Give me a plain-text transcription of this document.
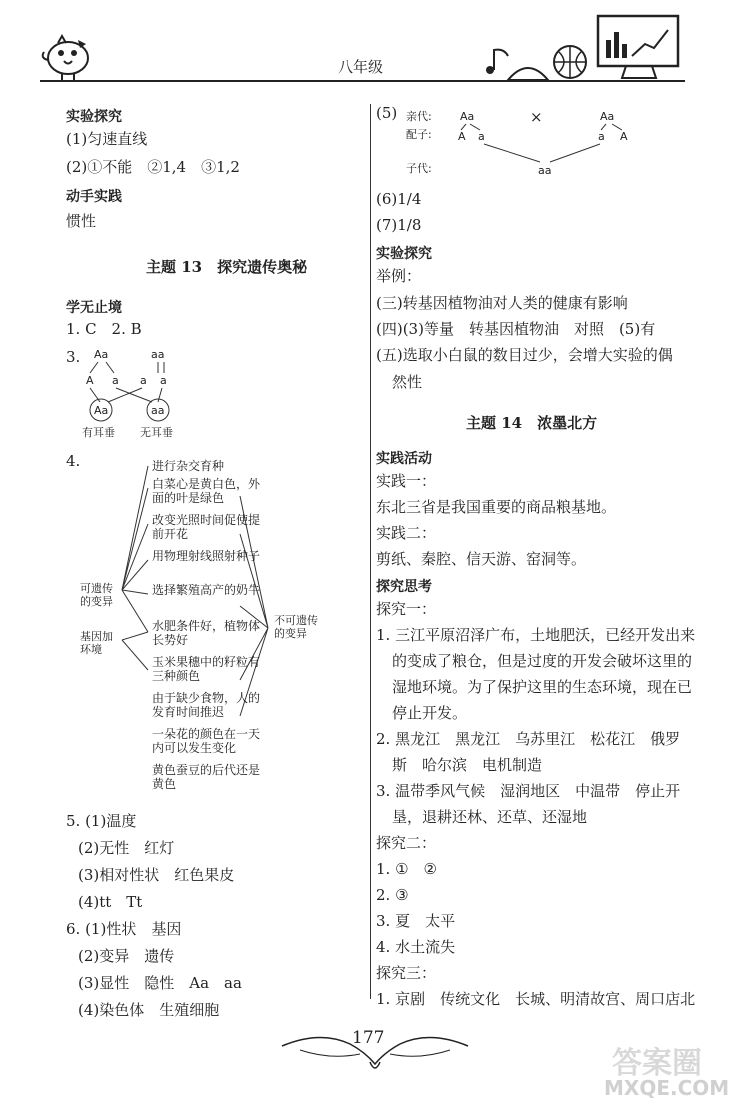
八年级
实验探究
(1)匀速直线
(2)①不能　②1,4　③1,2
动手实践
惯性
主题 13　探究遗传奥秘
学无止境
1. C　2. B
3. Aa	aa
A a a a
Aa	aa
有耳垂 无耳垂
4.
可遗传
的变异
基因加
环境
不可遗传
的变异
进行杂交育种
白菜心是黄白色，外面的叶是绿色
改变光照时间促使提前开花
用物理射线照射种子
选择繁殖高产的奶牛
水肥条件好，植物体长势好
玉米果穗中的籽粒有三种颜色
由于缺少食物，人的发育时间推迟
一朵花的颜色在一天内可以发生变化
黄色蚕豆的后代还是黄色
5. (1)温度
(2)无性　红灯
(3)相对性状　红色果皮
(4)tt　Tt
6. (1)性状　基因
(2)变异　遗传
(3)显性　隐性　Aa　aa
(4)染色体　生殖细胞
(5) 亲代:
配子:
子代:
Aa	×	Aa
A a	a A
aa
(6)1/4
(7)1/8
实验探究
举例：
(三)转基因植物油对人类的健康有影响
(四)(3)等量　转基因植物油　对照　(5)有
(五)选取小白鼠的数目过少，会增大实验的偶
然性
主题 14　浓墨北方
实践活动
实践一：
东北三省是我国重要的商品粮基地。
实践二：
剪纸、秦腔、信天游、窑洞等。
探究思考
探究一：
1. 三江平原沼泽广布，土地肥沃，已经开发出来
的变成了粮仓，但是过度的开发会破坏这里的
湿地环境。为了保护这里的生态环境，现在已
停止开发。
2. 黑龙江　黑龙江　乌苏里江　松花江　俄罗
斯　哈尔滨　电机制造
3. 温带季风气候　湿润地区　中温带　停止开
垦，退耕还林、还草、还湿地
探究二：
1. ①　②
2. ③
3. 夏　太平
4. 水土流失
探究三：
1. 京剧　传统文化　长城、明清故宫、周口店北
177
答案圈
MXQE.COM
